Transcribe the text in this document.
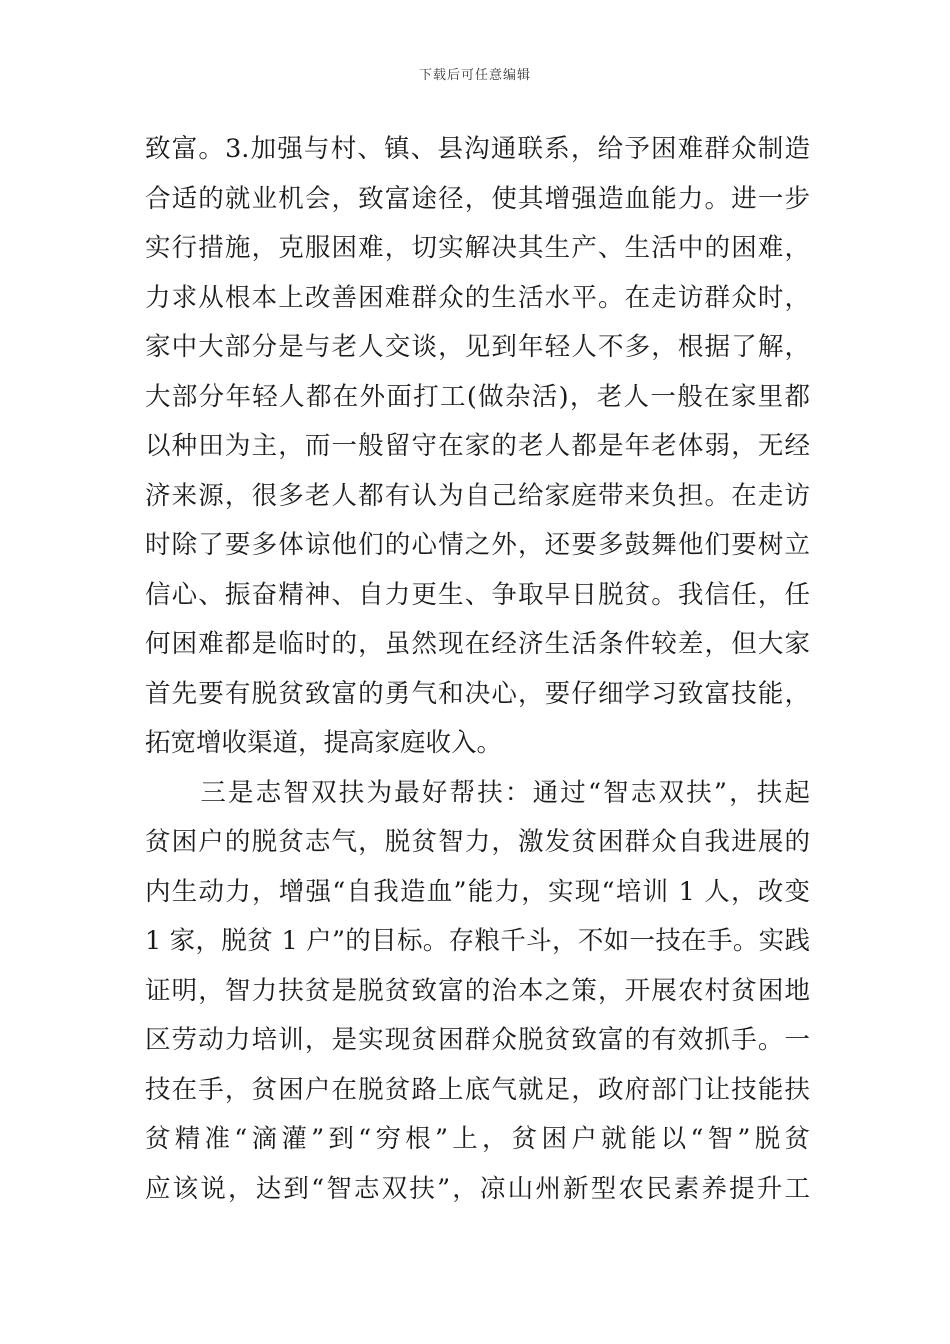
下载后可任意编辑
致富。3.加强与村、镇、县沟通联系，给予困难群众制造
合适的就业机会，致富途径，使其增强造血能力。进一步
实行措施，克服困难，切实解决其生产、生活中的困难，
力求从根本上改善困难群众的生活水平。在走访群众时，
家中大部分是与老人交谈，见到年轻人不多，根据了解，
大部分年轻人都在外面打工(做杂活)，老人一般在家里都
以种田为主，而一般留守在家的老人都是年老体弱，无经
济来源，很多老人都有认为自己给家庭带来负担。在走访
时除了要多体谅他们的心情之外，还要多鼓舞他们要树立
信心、振奋精神、自力更生、争取早日脱贫。我信任，任
何困难都是临时的，虽然现在经济生活条件较差，但大家
首先要有脱贫致富的勇气和决心，要仔细学习致富技能，
拓宽增收渠道，提高家庭收入。
　　三是志智双扶为最好帮扶：通过“智志双扶”，扶起
贫困户的脱贫志气，脱贫智力，激发贫困群众自我进展的
内生动力，增强“自我造血”能力，实现“培训 1 人，改变
1 家，脱贫 1 户”的目标。存粮千斗，不如一技在手。实践
证明，智力扶贫是脱贫致富的治本之策，开展农村贫困地
区劳动力培训，是实现贫困群众脱贫致富的有效抓手。一
技在手，贫困户在脱贫路上底气就足，政府部门让技能扶
贫精准“滴灌”到“穷根”上，贫困户就能以“智”脱贫
应该说，达到“智志双扶”，凉山州新型农民素养提升工
